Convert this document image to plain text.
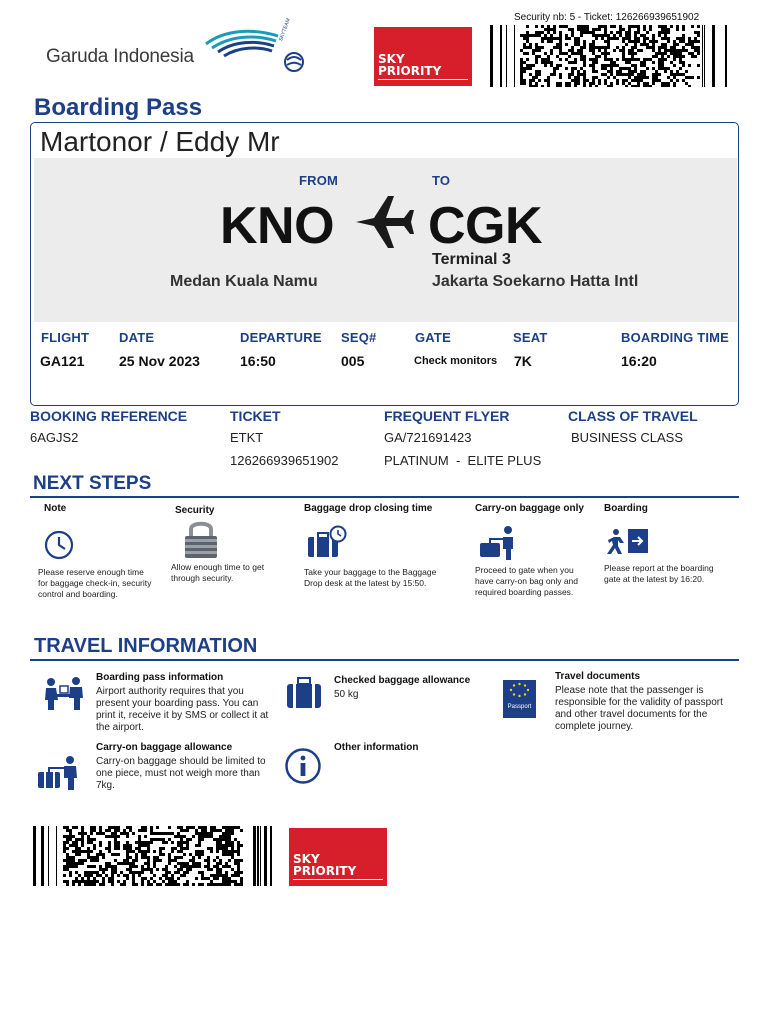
Garuda Indonesia
SKYTEAM
Security nb: 5 - Ticket: 126266939651902
SKY
PRIORITY
Boarding Pass
Martonor / Eddy Mr
FROM	TO
KNO CGK
Terminal 3
Medan Kuala Namu	Jakarta Soekarno Hatta Intl
FLIGHT
GA121
DATE
25 Nov 2023
DEPARTURE
16:50
SEQ#
005
GATE
Check monitors
SEAT
7K
BOARDING TIME
16:20
BOOKING REFERENCE
6AGJS2
TICKET
ETKT
126266939651902
FREQUENT FLYER
GA/721691423
PLATINUM  -  ELITE PLUS
CLASS OF TRAVEL
BUSINESS CLASS
NEXT STEPS
Note
Please reserve enough time for baggage check-in, security control and boarding.
Security
Allow enough time to get through security.
Baggage drop closing time
Take your baggage to the Baggage Drop desk at the latest by 15:50.
Carry-on baggage only
Proceed to gate when you have carry-on bag only and required boarding passes.
Boarding
Please report at the boarding gate at the latest by 16:20.
TRAVEL INFORMATION
Boarding pass information
Airport authority requires that you present your boarding pass. You can print it, receive it by SMS or collect it at the airport.
Checked baggage allowance
50 kg
Passport
Travel documents
Please note that the passenger is responsible for the validity of passport and other travel documents for the complete journey.
Carry-on baggage allowance
Carry-on baggage should be limited to one piece, must not weigh more than 7kg.
Other information
SKY
PRIORITY
